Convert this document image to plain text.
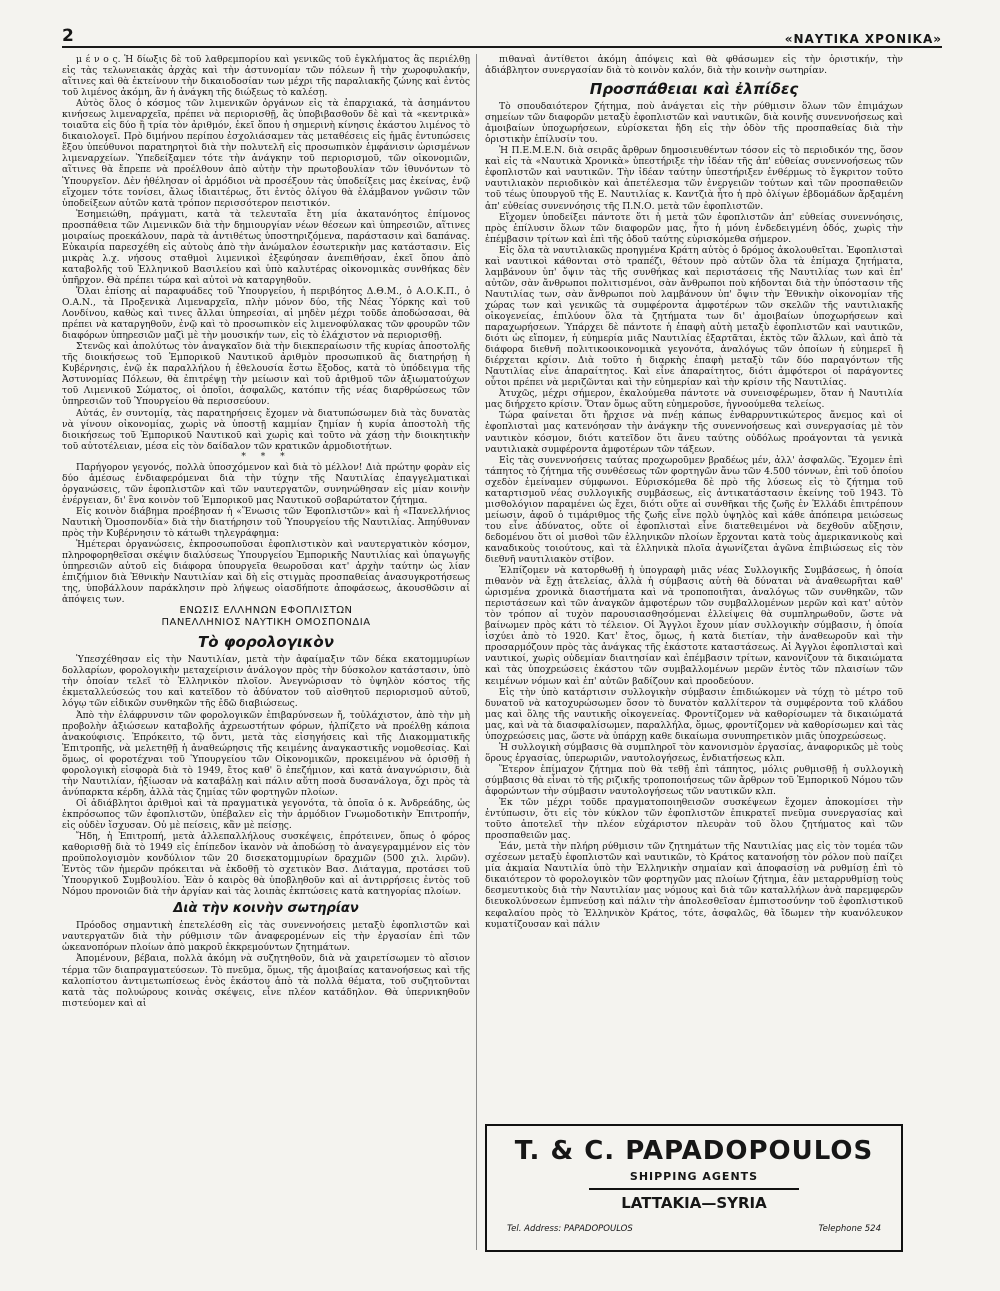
2	«ΝΑΥΤΙΚΑ ΧΡΟΝΙΚΑ»

μ έ ν ο ς. Ἡ δίωξις δὲ τοῦ λαθρεμπορίου καὶ γενικῶς τοῦ ἐγκλήματος ἂς περιέλθῃ εἰς τὰς τελωνειακὰς ἀρχὰς καὶ τὴν ἀστυνομίαν τῶν πόλεων ἢ τὴν χωροφυλακήν, αἵτινες καὶ θὰ ἐκτείνουν τὴν δικαιοδοσίαν των μέχρι τῆς παραλιακῆς ζώνης καὶ ἐντὸς τοῦ λιμένος ἀκόμη, ἂν ἡ ἀνάγκη τῆς διώξεως τὸ καλέσῃ.

Αὐτὸς ὅλος ὁ κόσμος τῶν λιμενικῶν ὀργάνων εἰς τὰ ἐπαρχιακά, τὰ ἀσημάντου κινήσεως λιμεναρχεῖα, πρέπει νὰ περιορισθῇ, ἂς ὑποβιβασθοῦν δὲ καὶ τὰ «κεντρικὰ» τοιαῦτα εἰς δύο ἢ τρία τὸν ἀριθμόν, ἐκεῖ ὅπου ἡ σημερινὴ κίνησις ἑκάστου λιμένος τὸ δικαιολογεῖ. Πρὸ διμήνου περίπου ἐσχολιάσαμεν τὰς μεταθέσεις εἰς ἡμᾶς ἐντυπώσεις ἔξου ὑπεύθυνοι παρατηρητοὶ διὰ τὴν πολυτελῆ εἰς προσωπικὸν ἐμφάνισιν ὡρισμένων λιμεναρχείων. Ὑπεδείξαμεν τότε τὴν ἀνάγκην τοῦ περιορισμοῦ, τῶν οἰκονομιῶν, αἵτινες θὰ ἔπρεπε νὰ προέλθουν ἀπὸ αὐτὴν τὴν πρωτοβουλίαν τῶν ἰθυνόντων τὸ Ὑπουργεῖον. Δὲν ἠθέλησαν οἱ ἁρμόδιοι νὰ προσέξουν τὰς ὑποδείξεις μας ἐκείνας, ἐνῷ εἴχομεν τότε τονίσει, ἄλως ἰδιαιτέρως, ὅτι ἐντὸς ὀλίγου θὰ ἐλάμβανον γνῶσιν τῶν ὑποδείξεων αὐτῶν κατὰ τρόπον περισσότερον πειστικόν.

Ἐσημειώθη, πράγματι, κατὰ τὰ τελευταῖα ἔτη μία ἀκατανόητος ἐπίμονος προσπάθεια τῶν Λιμενικῶν διὰ τὴν δημιουργίαν νέων θέσεων καὶ ὑπηρεσιῶν, αἵτινες μοιραίως προεκάλουν, παρὰ τὰ ἀντιθέτως ὑποστηριζόμενα, παράστασιν καὶ δαπάνας. Εὐκαιρία παρεσχέθη εἰς αὐτοὺς ἀπὸ τὴν ἀνώμαλον ἐσωτερικὴν μας κατάστασιν. Εἰς μικρὰς λ.χ. νήσους σταθμοὶ λιμενικοὶ ἐξεφύησαν ἀνεπιθήσαν, ἐκεῖ ὅπου ἀπὸ καταβολῆς τοῦ Ἑλληνικοῦ Βασιλείου καὶ ὑπὸ καλυτέρας οἰκονομικὰς συνθήκας δὲν ὑπῆρχον. Θὰ πρέπει τώρα καὶ αὐτοὶ νὰ καταργηθοῦν.

Ὅλαι ἐπίσης αἱ παραφυάδες τοῦ Ὑπουργείου, ἡ περιβόητος Δ.Θ.Μ., ὁ Α.Ο.Κ.Π., ὁ Ο.Α.Ν., τὰ Προξενικὰ Λιμεναρχεῖα, πλὴν μόνον δύο, τῆς Νέας Ὑόρκης καὶ τοῦ Λονδίνου, καθὼς καὶ τινες ἄλλαι ὑπηρεσίαι, αἱ μηδὲν μέχρι τοῦδε ἀποδώσασαι, θὰ πρέπει νὰ καταργηθοῦν, ἐνῷ καὶ τὸ προσωπικὸν εἰς λιμενοφύλακας τῶν φρουρῶν τῶν διαφόρων ὑπηρεσιῶν μαζὶ μὲ τὴν μουσικήν των, εἰς τὸ ἐλάχιστον νὰ περιορισθῇ.

Στενῶς καὶ ἀπολύτως τὸν ἀναγκαῖον διὰ τὴν διεκπεραίωσιν τῆς κυρίας ἀποστολῆς τῆς διοικήσεως τοῦ Ἐμπορικοῦ Ναυτικοῦ ἀριθμὸν προσωπικοῦ ἂς διατηρήσῃ ἡ Κυβέρνησις, ἐνῷ ἐκ παραλλήλου ἡ ἐθελουσία ἔστω ἔξοδος, κατὰ τὸ ὑπόδειγμα τῆς Ἀστυνομίας Πόλεων, θὰ ἐπιτρέψῃ τὴν μείωσιν καὶ τοῦ ἀριθμοῦ τῶν ἀξιωματούχων τοῦ Λιμενικοῦ Σώματος, οἱ ὁποῖοι, ἀσφαλῶς, κατόπιν τῆς νέας διαρθρώσεως τῶν ὑπηρεσιῶν τοῦ Ὑπουργείου θὰ περισσεύουν.

Αὐτάς, ἐν συντομίᾳ, τὰς παρατηρήσεις ἔχομεν νὰ διατυπώσωμεν διὰ τὰς δυνατὰς νὰ γίνουν οἰκονομίας, χωρὶς νὰ ὑποστῇ καμμίαν ζημίαν ἡ κυρία ἀποστολὴ τῆς διοικήσεως τοῦ Ἐμπορικοῦ Ναυτικοῦ καὶ χωρὶς καὶ τοῦτο νὰ χάσῃ τὴν διοικητικὴν τοῦ αὐτοτέλειαν, μέσα εἰς τὸν δαίδαλον τῶν κρατικῶν ἁρμοδιοτήτων.

* * *

Παρήγορον γεγονός, πολλὰ ὑποσχόμενον καὶ διὰ τὸ μέλλον! Διὰ πρώτην φορὰν εἰς δύο ἀμέσως ἐνδιαφερόμεναι διὰ τὴν τύχην τῆς Ναυτιλίας ἐπαγγελματικαὶ ὀργανώσεις, τῶν ἐφοπλιστῶν καὶ τῶν ναυτεργατῶν, συνηνώθησαν εἰς μίαν κοινὴν ἐνέργειαν, δι' ἓνα κοινὸν τοῦ Ἐμπορικοῦ μας Ναυτικοῦ σοβαρώτατον ζήτημα.

Εἰς κοινὸν διάβημα προέβησαν ἡ «Ἕνωσις τῶν Ἐφοπλιστῶν» καὶ ἡ «Πανελλήνιος Ναυτικὴ Ὁμοσπονδία» διὰ τὴν διατήρησιν τοῦ Ὑπουργείου τῆς Ναυτιλίας. Ἀπηύθυναν πρὸς τὴν Κυβέρνησιν τὸ κάτωθι τηλεγράφημα:

Ἡμέτεραι ὀργανώσεις, ἐκπροσωποῦσαι ἐφοπλιστικὸν καὶ ναυτεργατικὸν κόσμον, πληροφορηθεῖσαι σκέψιν διαλύσεως Ὑπουργείου Ἐμπορικῆς Ναυτιλίας καὶ ὑπαγωγῆς ὑπηρεσιῶν αὐτοῦ εἰς διάφορα ὑπουργεῖα θεωροῦσαι κατ' ἀρχὴν ταύτην ὡς λίαν ἐπιζήμιον διὰ Ἐθνικὴν Ναυτιλίαν καὶ δὴ εἰς στιγμὰς προσπαθείας ἀνασυγκροτήσεως της, ὑποβάλλουν παράκλησιν πρὸ λήψεως οἱασδήποτε ἀποφάσεως, ἀκουσθῶσιν αἱ ἀπόψεις των.

ΕΝΩΣΙΣ ΕΛΛΗΝΩΝ ΕΦΟΠΛΙΣΤΩΝ
ΠΑΝΕΛΛΗΝΙΟΣ ΝΑΥΤΙΚΗ ΟΜΟΣΠΟΝΔΙΑ
Τὸ φορολογικὸν

Ὑπεσχέθησαν εἰς τὴν Ναυτιλίαν, μετὰ τὴν ἀφαίμαξιν τῶν δέκα εκατομμυρίων δολλαρίων, φορολογικὴν μεταχείρισιν ἀνάλογον πρὸς τὴν δύσκολον κατάστασιν, ὑπὸ τὴν ὁποίαν τελεῖ τὸ Ἑλληνικὸν πλοῖον. Ἀνεγνώρισαν τὸ ὑψηλὸν κόστος τῆς ἐκμεταλλεύσεώς του καὶ κατεῖδον τὸ ἀδύνατον τοῦ αἰσθητοῦ περιορισμοῦ αὐτοῦ, λόγῳ τῶν εἰδικῶν συνθηκῶν τῆς ἐδῶ διαβιώσεως.

Ἀπὸ τὴν ἐλάφρυνσιν τῶν φορολογικῶν ἐπιβαρύνσεων ἤ, τοὐλάχιστον, ἀπὸ τὴν μὴ προβολὴν ἀξιώσεων καταβολῆς ἀχρεωστήτων φόρων, ἠλπίζετο νὰ προέλθῃ κάποια ἀνακούφισις. Ἐπρόκειτο, τῷ ὄντι, μετὰ τὰς εἰσηγήσεις καὶ τῆς Διακομματικῆς Ἐπιτροπῆς, νὰ μελετηθῇ ἡ ἀναθεώρησις τῆς κειμένης ἀναγκαστικῆς νομοθεσίας. Καὶ ὅμως, οἱ φοροτέχναι τοῦ Ὑπουργείου τῶν Οἰκονομικῶν, προκειμένου νὰ ὁρισθῇ ἡ φορολογικὴ εἰσφορὰ διὰ τὸ 1949, ἔτος καθ' ὃ ἐπεζήμιον, καὶ κατὰ ἀναγνώρισιν, διὰ τὴν Ναυτιλίαν, ἠξίωσαν νὰ καταβάλῃ καὶ πάλιν αὕτη ποσὰ δυσανάλογα, ὄχι πρὸς τὰ ἀνύπαρκτα κέρδη, ἀλλὰ τὰς ζημίας τῶν φορτηγῶν πλοίων.

Οἱ ἀδιάβλητοι ἀριθμοὶ καὶ τὰ πραγματικὰ γεγονότα, τὰ ὁποῖα ὁ κ. Ἀνδρεάδης, ὡς ἐκπρόσωπος τῶν ἐφοπλιστῶν, ὑπέβαλεν εἰς τὴν ἁρμόδιον Γνωμοδοτικὴν Ἐπιτροπήν, εἰς οὐδὲν ἴσχυσαν. Οὐ μὲ πείσεις, κἂν μὲ πείσῃς.

Ἤδη, ἡ Ἐπιτροπή, μετὰ ἀλλεπαλλήλους συσκέψεις, ἐπρότεινεν, ὅπως ὁ φόρος καθορισθῇ διὰ τὸ 1949 εἰς ἐπίπεδον ἱκανὸν νὰ ἀποδώσῃ τὸ ἀναγεγραμμένον εἰς τὸν προϋπολογισμὸν κονδύλιον τῶν 20 δισεκατομμυρίων δραχμῶν (500 χιλ. λιρῶν). Ἐντὸς τῶν ἡμερῶν πρόκειται νὰ ἐκδοθῇ τὸ σχετικὸν Βασ. Διάταγμα, προτάσει τοῦ Ὑπουργικοῦ Συμβουλίου. Ἐὰν ὁ καιρὸς θὰ ὑποβληθοῦν καὶ αἱ ἀντιρρήσεις ἐντὸς τοῦ Νόμου προνοιῶν διὰ τὴν ἀργίαν καὶ τὰς λοιπὰς ἐκπτώσεις κατὰ κατηγορίας πλοίων.

Διὰ τὴν κοινὴν σωτηρίαν

Πρόοδος σημαντικὴ ἐπετελέσθη εἰς τὰς συνεννοήσεις μεταξὺ ἐφοπλιστῶν καὶ ναυτεργατῶν διὰ τὴν ρύθμισιν τῶν ἀναφερομένων εἰς τὴν ἐργασίαν ἐπὶ τῶν ὠκεανοπόρων πλοίων ἀπὸ μακροῦ ἐκκρεμούντων ζητημάτων.

Ἀπομένουν, βέβαια, πολλὰ ἀκόμη νὰ συζητηθοῦν, διὰ νὰ χαιρετίσωμεν τὸ αἴσιον τέρμα τῶν διαπραγματεύσεων. Τὸ πνεῦμα, ὅμως, τῆς ἀμοιβαίας κατανοήσεως καὶ τῆς καλοπίστου ἀντιμετωπίσεως ἑνὸς ἑκάστου ἀπὸ τὰ πολλὰ θέματα, τοῦ συζητοῦνται κατὰ τὰς πολυώρους κοινὰς σκέψεις, εἶνε πλέον κατάδηλον. Θὰ ὑπερνικηθοῦν πιστεύομεν καὶ αἱ

πιθαναὶ ἀντίθετοι ἀκόμη ἀπόψεις καὶ θὰ φθάσωμεν εἰς τὴν ὁριστικήν, τὴν ἀδιάβλητον συνεργασίαν διὰ τὸ κοινὸν καλόν, διὰ τὴν κοινὴν σωτηρίαν.

Προσπάθειαι καὶ ἐλπίδες

Τὸ σπουδαιότερον ζήτημα, ποὺ ἀνάγεται εἰς τὴν ρύθμισιν ὅλων τῶν ἐπιμάχων σημείων τῶν διαφορῶν μεταξὺ ἐφοπλιστῶν καὶ ναυτικῶν, διὰ κοινῆς συνεννοήσεως καὶ ἀμοιβαίων ὑποχωρήσεων, εὑρίσκεται ἤδη εἰς τὴν ὁδὸν τῆς προσπαθείας διὰ τὴν ὁριστικὴν ἐπίλυσίν του.

Ἡ Π.Ε.Μ.Ε.Ν. διὰ σειρᾶς ἄρθρων δημοσιευθέντων τόσον εἰς τὸ περιοδικόν της, ὅσον καὶ εἰς τὰ «Ναυτικὰ Χρονικὰ» ὑπεστήριξε τὴν ἰδέαν τῆς ἀπ' εὐθείας συνεννοήσεως τῶν ἐφοπλιστῶν καὶ ναυτικῶν. Τὴν ἰδέαν ταύτην ὑπεστήριξεν ἐνθέρμως τὸ ἔγκριτον τοῦτο ναυτιλιακὸν περιοδικὸν καὶ ἀπετέλεσμα τῶν ἐνεργειῶν τούτων καὶ τῶν προσπαθειῶν τοῦ τέως ὑπουργοῦ τῆς Ε. Ναυτιλίας κ. Καντζιὰ ἦτο ἡ πρὸ ὀλίγων ἑβδομάδων ἄρξαμένη ἀπ' εὐθείας συνεννόησις τῆς Π.Ν.Ο. μετὰ τῶν ἐφοπλιστῶν.

Εἴχομεν ὑποδείξει πάντοτε ὅτι ἡ μετὰ τῶν ἐφοπλιστῶν ἀπ' εὐθείας συνεννόησις, πρὸς ἐπίλυσιν ὅλων τῶν διαφορῶν μας, ἦτο ἡ μόνη ἐνδεδειγμένη ὁδός, χωρὶς τὴν ἐπέμβασιν τρίτων καὶ ἐπὶ τῆς ὁδοῦ ταύτης εὑρισκόμεθα σήμερον.

Εἰς ὅλα τὰ ναυτιλιακῶς προηγμένα Κράτη αὐτὸς ὁ δρόμος ἀκολουθεῖται. Ἐφοπλισταὶ καὶ ναυτικοὶ κάθονται στὸ τραπέζι, θέτουν πρὸ αὐτῶν ὅλα τὰ ἐπίμαχα ζητήματα, λαμβάνουν ὑπ' ὄψιν τὰς τῆς συνθήκας καὶ περιστάσεις τῆς Ναυτιλίας των καὶ ἐπ' αὐτῶν, σὰν ἄνθρωποι πολιτισμένοι, σὰν ἄνθρωποι ποὺ κήδονται διὰ τὴν ὑπόστασιν τῆς Ναυτιλίας των, σὰν ἄνθρωποι ποὺ λαμβάνουν ὑπ' ὄψιν τὴν Ἐθνικὴν οἰκονομίαν τῆς χώρας των καὶ γενικῶς τὰ συμφέροντα ἀμφοτέρων τῶν σκελῶν τῆς ναυτιλιακῆς οἰκογενείας, ἐπιλύουν ὅλα τὰ ζητήματα των δι' ἀμοιβαίων ὑποχωρήσεων καὶ παραχωρήσεων. Ὑπάρχει δὲ πάντοτε ἡ ἐπαφὴ αὐτὴ μεταξὺ ἐφοπλιστῶν καὶ ναυτικῶν, διότι ὡς εἴπομεν, ἡ εὐημερία μιᾶς Ναυτιλίας ἐξαρτᾶται, ἐκτὸς τῶν ἄλλων, καὶ ἀπὸ τὰ διάφορα διεθνῆ πολιτικοοικονομικὰ γεγονότα, ἀναλόγως τῶν ὁποίων ἡ εὐημερεῖ ἢ διέρχεται κρίσιν. Διὰ τοῦτο ἡ διαρκὴς ἐπαφὴ μεταξὺ τῶν δύο παραγόντων τῆς Ναυτιλίας εἶνε ἀπαραίτητος. Καὶ εἶνε ἀπαραίτητος, διότι ἀμφότεροι οἱ παράγοντες οὗτοι πρέπει νὰ μεριζῶνται καὶ τὴν εὐημερίαν καὶ τὴν κρίσιν τῆς Ναυτιλίας.

Ἀτυχῶς, μέχρι σήμερον, ἐκαλούμεθα πάντοτε νὰ συνεισφέρωμεν, ὅταν ἡ Ναυτιλία μας διήρχετο κρίσιν. Ὅταν ὅμως αὕτη εὐημεροῦσε, ἠγνοούμεθα τελείως.

Τώρα φαίνεται ὅτι ἤρχισε νὰ πνέῃ κάπως ἐνθαρρυντικώτερος ἄνεμος καὶ οἱ ἐφοπλισταὶ μας κατενόησαν τὴν ἀνάγκην τῆς συνεννοήσεως καὶ συνεργασίας μὲ τὸν ναυτικὸν κόσμον, διότι κατεῖδον ὅτι ἄνευ ταύτης οὐδόλως προάγονται τὰ γενικὰ ναυτιλιακὰ συμφέροντα ἀμφοτέρων τῶν τάξεων.

Εἰς τὰς συνεννοήσεις ταύτας προχωροῦμεν βραδέως μέν, ἀλλ' ἀσφαλῶς. Ἔχομεν ἐπὶ τάπητος τὸ ζήτημα τῆς συνθέσεως τῶν φορτηγῶν ἄνω τῶν 4.500 τόννων, ἐπὶ τοῦ ὁποίου σχεδὸν ἐμείναμεν σύμφωνοι. Εὑρισκόμεθα δὲ πρὸ τῆς λύσεως εἰς τὸ ζήτημα τοῦ καταρτισμοῦ νέας συλλογικῆς συμβάσεως, εἰς ἀντικατάστασιν ἐκείνης τοῦ 1943. Τὸ μισθολόγιον παραμένει ὡς ἔχει, διότι οὔτε αἱ συνθῆκαι τῆς ζωῆς ἐν Ἑλλάδι ἐπιτρέπουν μείωσιν, ἀφοῦ ὁ τιμάριθμος τῆς ζωῆς εἶνε πολὺ ὑψηλὸς καὶ κάθε ἀπόπειρα μειώσεως του εἶνε ἀδύνατος, οὔτε οἱ ἐφοπλισταὶ εἶνε διατεθειμένοι νὰ δεχθοῦν αὔξησιν, δεδομένου ὅτι οἱ μισθοὶ τῶν ἑλληνικῶν πλοίων ἔρχονται κατὰ τοὺς ἀμερικανικοὺς καὶ καναδικοὺς τοιούτους, καὶ τὰ ἑλληνικὰ πλοῖα ἀγωνίζεται ἀγῶνα ἐπιβιώσεως εἰς τὸν διεθνῆ ναυτιλιακὸν στίβον.

Ἐλπίζομεν νὰ κατορθωθῇ ἡ ὑπογραφὴ μιᾶς νέας Συλλογικῆς Συμβάσεως, ἡ ὁποία πιθανὸν νὰ ἔχῃ ἀτελείας, ἀλλὰ ἡ σύμβασις αὐτὴ θὰ δύναται νὰ ἀναθεωρῆται καθ' ὡρισμένα χρονικὰ διαστήματα καὶ νὰ τροποποιῆται, ἀναλόγως τῶν συνθηκῶν, τῶν περιστάσεων καὶ τῶν ἀναγκῶν ἀμφοτέρων τῶν συμβαλλομένων μερῶν καὶ κατ' αὐτὸν τὸν τρόπον αἱ τυχὸν παρουσιασθησόμεναι ἐλλείψεις θὰ συμπληρωθοῦν, ὥστε νὰ βαίνωμεν πρὸς κάτι τὸ τέλειον. Οἱ Ἄγγλοι ἔχουν μίαν συλλογικὴν σύμβασιν, ἡ ὁποία ἰσχύει ἀπὸ τὸ 1920. Κατ' ἔτος, ὅμως, ἡ κατὰ διετίαν, τὴν ἀναθεωροῦν καὶ τὴν προσαρμόζουν πρὸς τὰς ἀνάγκας τῆς ἑκάστοτε καταστάσεως. Αἱ Ἀγγλοι ἐφοπλισταὶ καὶ ναυτικοί, χωρὶς οὐδεμίαν διαιτησίαν καὶ ἐπέμβασιν τρίτων, κανονίζουν τὰ δικαιώματα καὶ τὰς ὑποχρεώσεις ἑκάστου τῶν συμβαλλομένων μερῶν ἐντὸς τῶν πλαισίων τῶν κειμένων νόμων καὶ ἐπ' αὐτῶν βαδίζουν καὶ προοδεύουν.

Εἰς τὴν ὑπὸ κατάρτισιν συλλογικὴν σύμβασιν ἐπιδιώκομεν νὰ τύχῃ τὸ μέτρο τοῦ δυνατοῦ νὰ κατοχυρώσωμεν ὅσον τὸ δυνατὸν καλλίτερον τὰ συμφέροντα τοῦ κλάδου μας καὶ ὅλης τῆς ναυτικῆς οἰκογενείας. Φροντίζομεν νὰ καθορίσωμεν τὰ δικαιώματά μας, καὶ νὰ τὰ διασφαλίσωμεν, παραλλήλα, ὅμως, φροντίζομεν νὰ καθορίσωμεν καὶ τὰς ὑποχρεώσεις μας, ὥστε νὰ ὑπάρχῃ καθε δικαίωμα συνυπηρετικὸν μιᾶς ὑποχρεώσεως.

Ἡ συλλογικὴ σύμβασις θὰ συμπληροῖ τὸν κανονισμὸν ἐργασίας, ἀναφορικῶς μὲ τοὺς ὅρους ἐργασίας, ὑπερωριῶν, ναυτολογήσεως, ἐνδιατήσεως κλπ.

Ἕτερον ἐπίμαχον ζήτημα ποὺ θὰ τεθῇ ἐπὶ τάπητος, μόλις ρυθμισθῇ ἡ συλλογικὴ σύμβασις θὰ εἶναι τὸ τῆς ριζικῆς τροποποιήσεως τῶν ἄρθρων τοῦ Ἐμπορικοῦ Νόμου τῶν ἀφορώντων τὴν σύμβασιν ναυτολογήσεως τῶν ναυτικῶν κλπ.

Ἐκ τῶν μέχρι τοῦδε πραγματοποιηθεισῶν συσκέψεων ἔχομεν ἀποκομίσει τὴν ἐντύπωσιν, ὅτι εἰς τὸν κύκλον τῶν ἐφοπλιστῶν ἐπικρατεῖ πνεῦμα συνεργασίας καὶ τοῦτο ἀποτελεῖ τὴν πλέον εὐχάριστον πλευρὰν τοῦ ὅλου ζητήματος καὶ τῶν προσπαθειῶν μας.

Ἐάν, μετὰ τὴν πλήρη ρύθμισιν τῶν ζητημάτων τῆς Ναυτιλίας μας εἰς τὸν τομέα τῶν σχέσεων μεταξὺ ἐφοπλιστῶν καὶ ναυτικῶν, τὸ Κράτος κατανοήσῃ τὸν ρόλον ποὺ παίζει μία ἀκμαία Ναυτιλία ὑπὸ τὴν Ἑλληνικὴν σημαίαν καὶ ἀποφασίσῃ νὰ ρυθμίσῃ ἐπὶ τὸ δικαιότερον τὸ φορολογικὸν τῶν φορτηγῶν μας πλοίων ζήτημα, ἐὰν μεταρρυθμίσῃ τοὺς δεσμευτικοὺς διὰ τὴν Ναυτιλίαν μας νόμους καὶ διὰ τῶν καταλλήλων ἀνὰ παρεμφερῶν διευκολύνσεων ἐμπνεύσῃ καὶ πάλιν τὴν ἀπολεσθεῖσαν ἐμπιστοσύνην τοῦ ἐφοπλιστικοῦ κεφαλαίου πρὸς τὸ Ἑλληνικὸν Κράτος, τότε, ἀσφαλῶς, θὰ ἴδωμεν τὴν κυανόλευκον κυματίζουσαν καὶ πάλιν

T. & C. PAPADOPOULOS
SHIPPING AGENTS
LATTAKIA—SYRIA
Tel. Address: PAPADOPOULOS	Telephone 524
